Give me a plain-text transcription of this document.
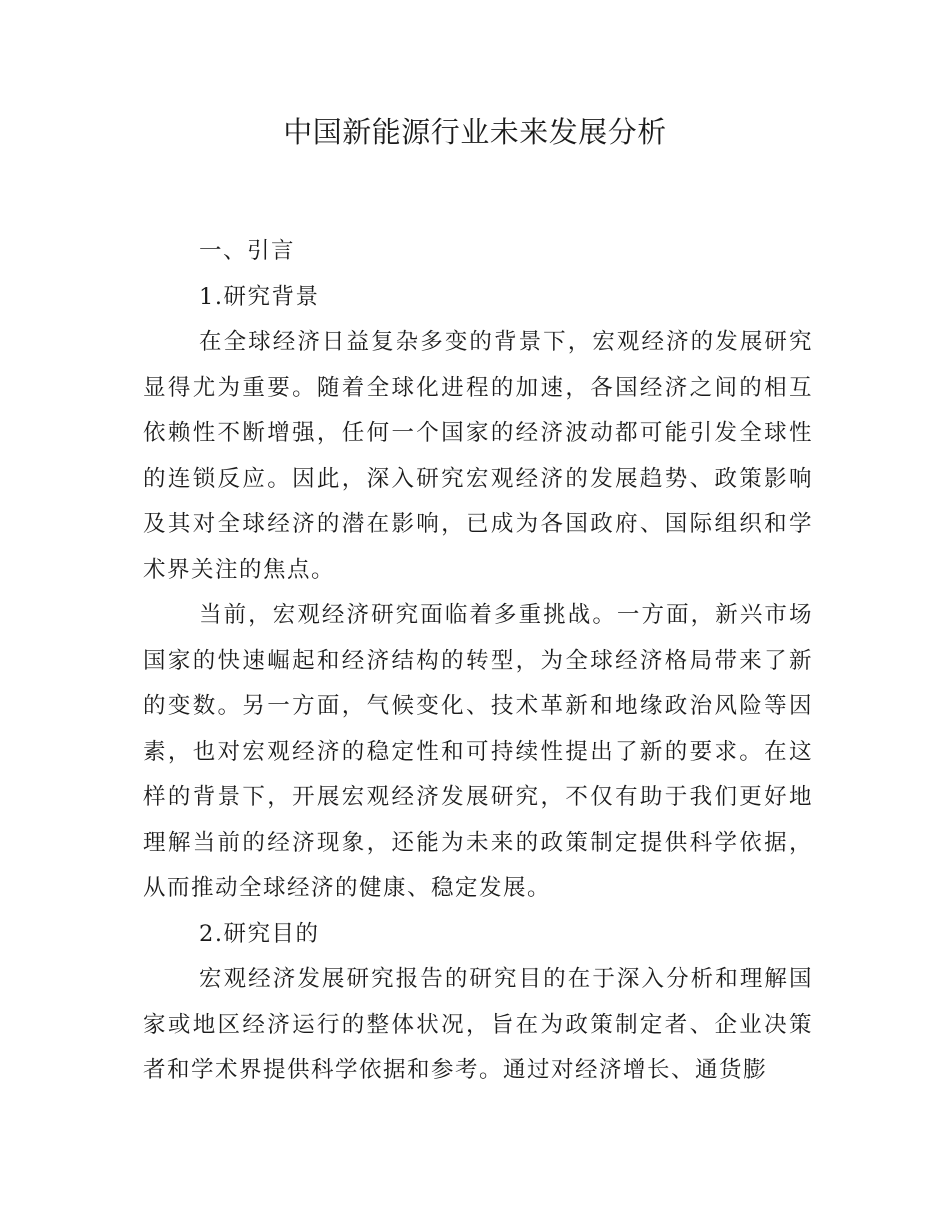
中国新能源行业未来发展分析

一、引言

1.研究背景

在全球经济日益复杂多变的背景下，宏观经济的发展研究显得尤为重要。随着全球化进程的加速，各国经济之间的相互依赖性不断增强，任何一个国家的经济波动都可能引发全球性的连锁反应。因此，深入研究宏观经济的发展趋势、政策影响及其对全球经济的潜在影响，已成为各国政府、国际组织和学术界关注的焦点。

当前，宏观经济研究面临着多重挑战。一方面，新兴市场国家的快速崛起和经济结构的转型，为全球经济格局带来了新的变数。另一方面，气候变化、技术革新和地缘政治风险等因素，也对宏观经济的稳定性和可持续性提出了新的要求。在这样的背景下，开展宏观经济发展研究，不仅有助于我们更好地理解当前的经济现象，还能为未来的政策制定提供科学依据，从而推动全球经济的健康、稳定发展。

2.研究目的

宏观经济发展研究报告的研究目的在于深入分析和理解国家或地区经济运行的整体状况，旨在为政策制定者、企业决策者和学术界提供科学依据和参考。通过对经济增长、通货膨
